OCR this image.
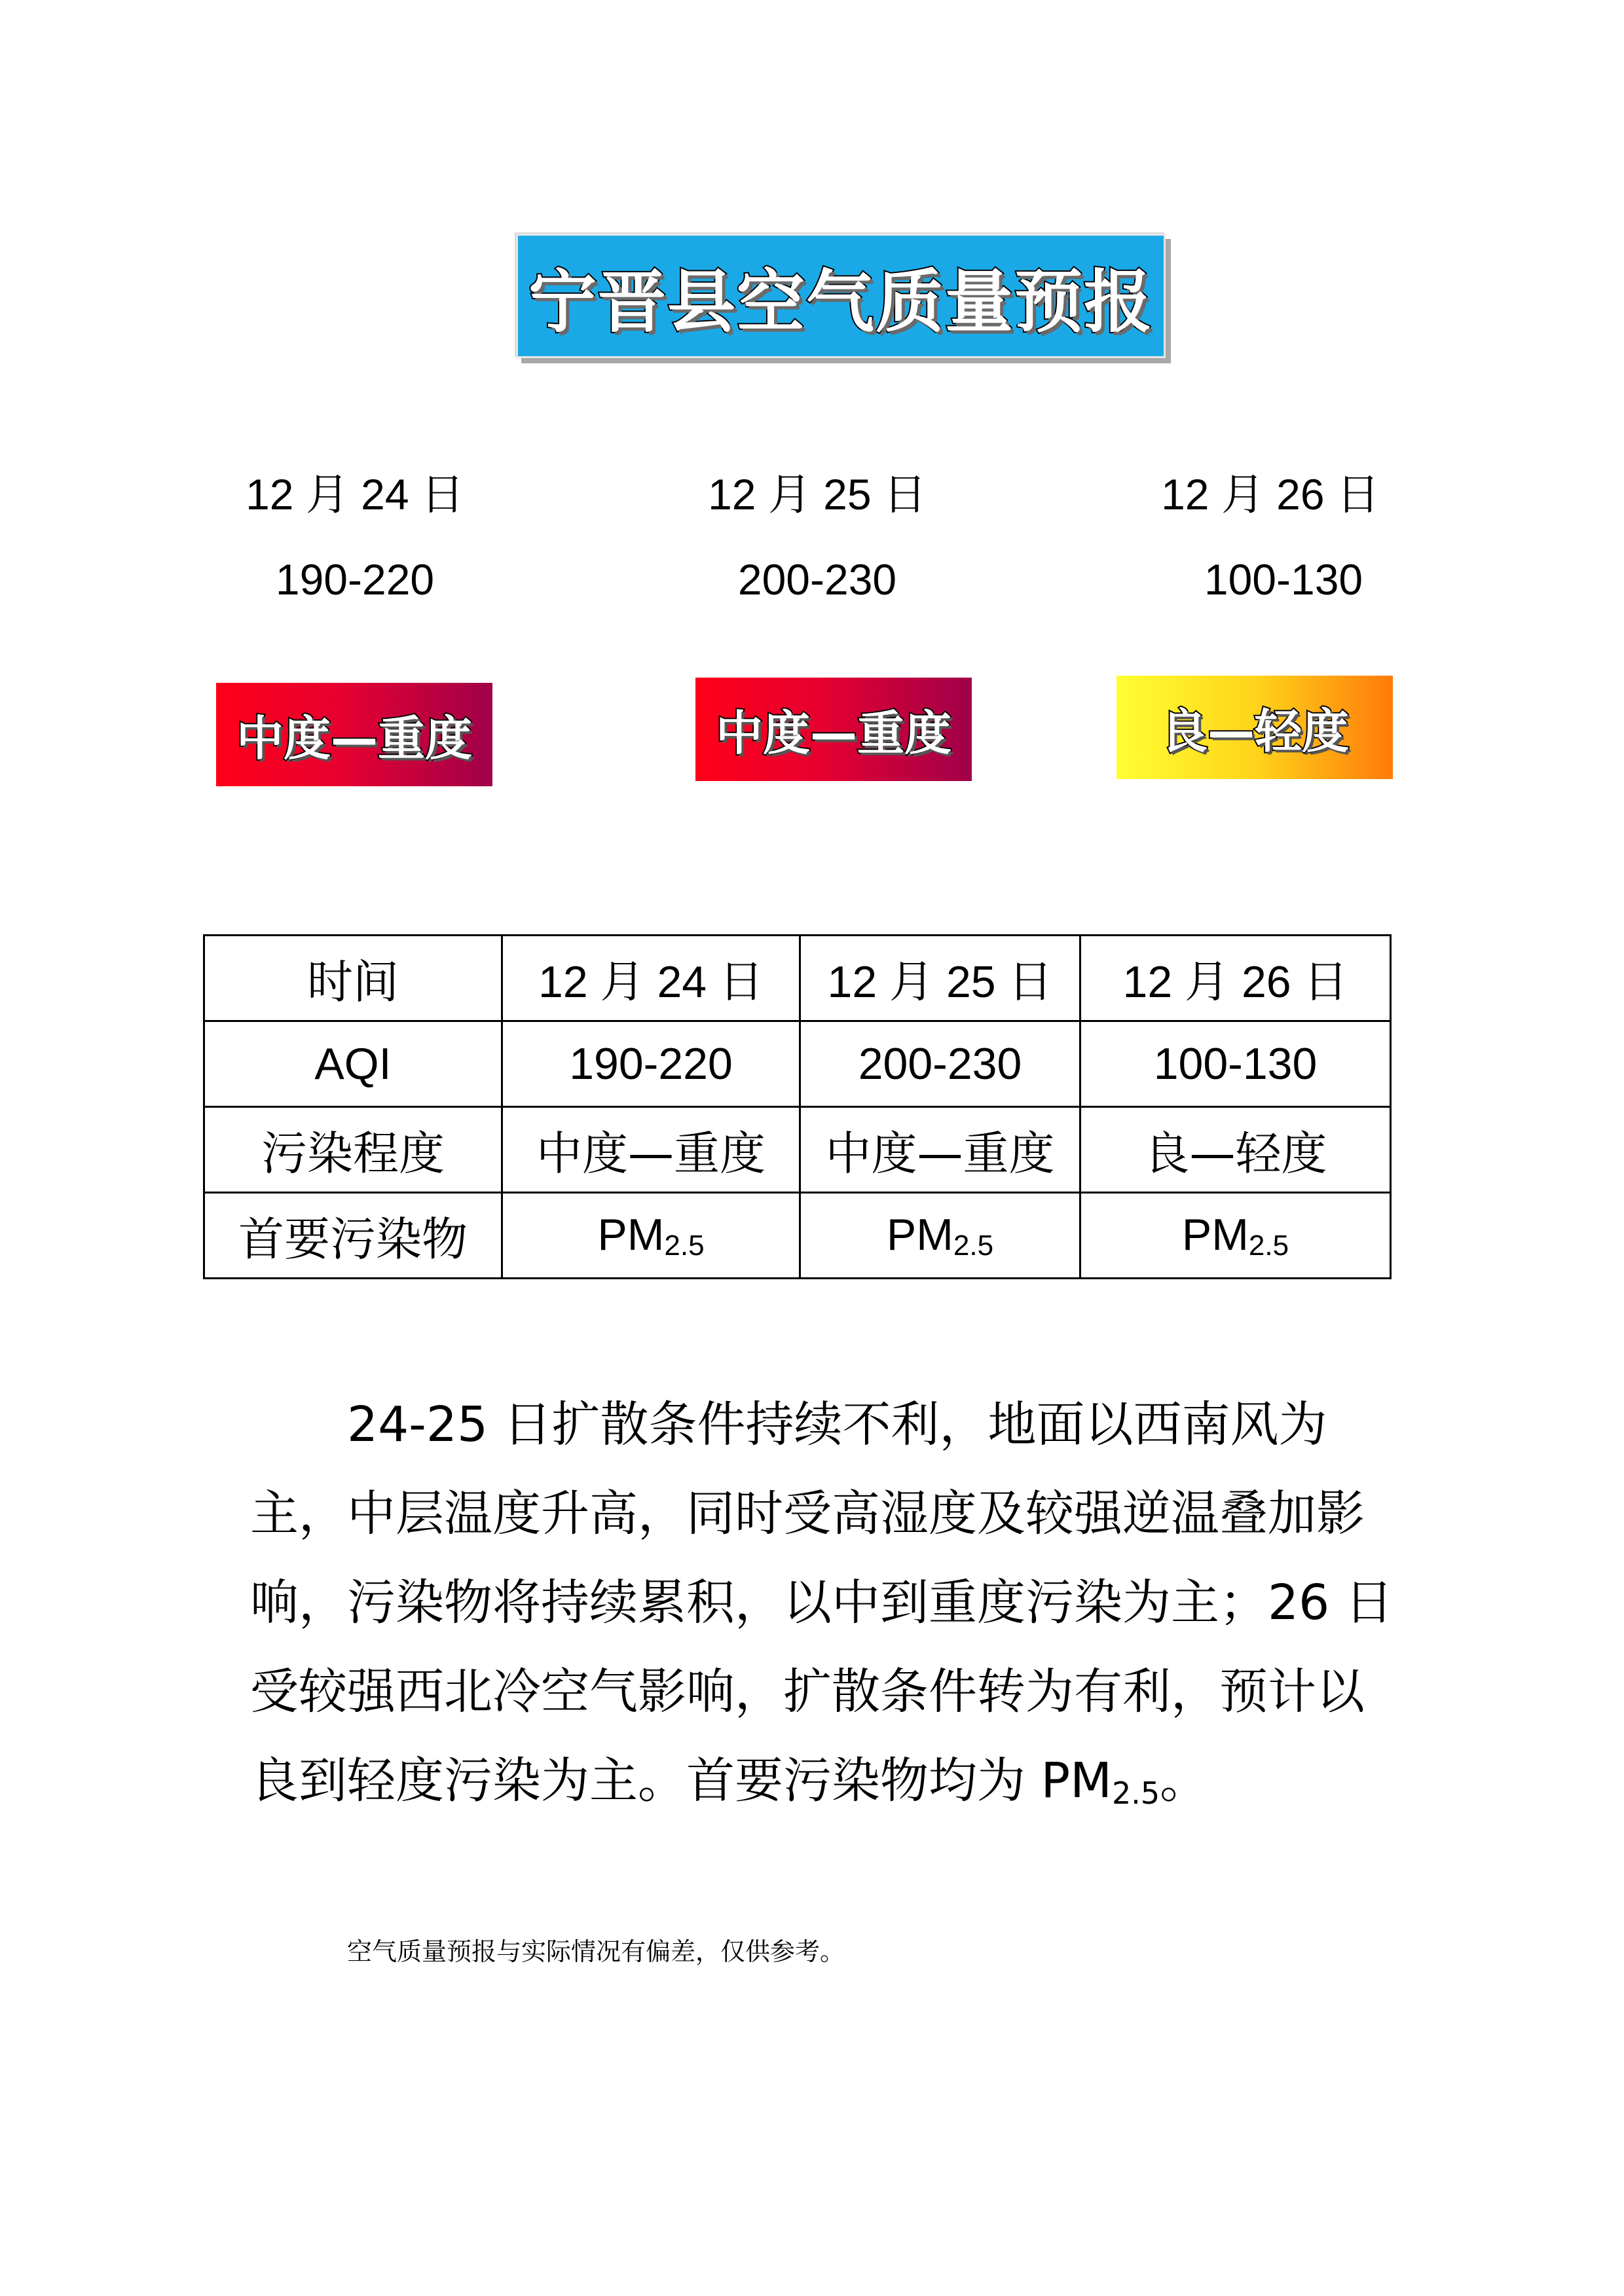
宁晋县空气质量预报
12 月 24 日
190-220
12 月 25 日
200-230
12 月 26 日
100-130
中度—重度	中度—重度	良—轻度
时间	12 月 24 日	12 月 25 日	12 月 26 日
AQI	190-220	200-230	100-130
污染程度	中度—重度	中度—重度	良—轻度
首要污染物	PM2.5	PM2.5	PM2.5

24-25 日扩散条件持续不利，地面以西南风为主，中层温度升高，同时受高湿度及较强逆温叠加影响，污染物将持续累积，以中到重度污染为主；26 日受较强西北冷空气影响，扩散条件转为有利，预计以良到轻度污染为主。首要污染物均为 PM2.5。

空气质量预报与实际情况有偏差，仅供参考。
